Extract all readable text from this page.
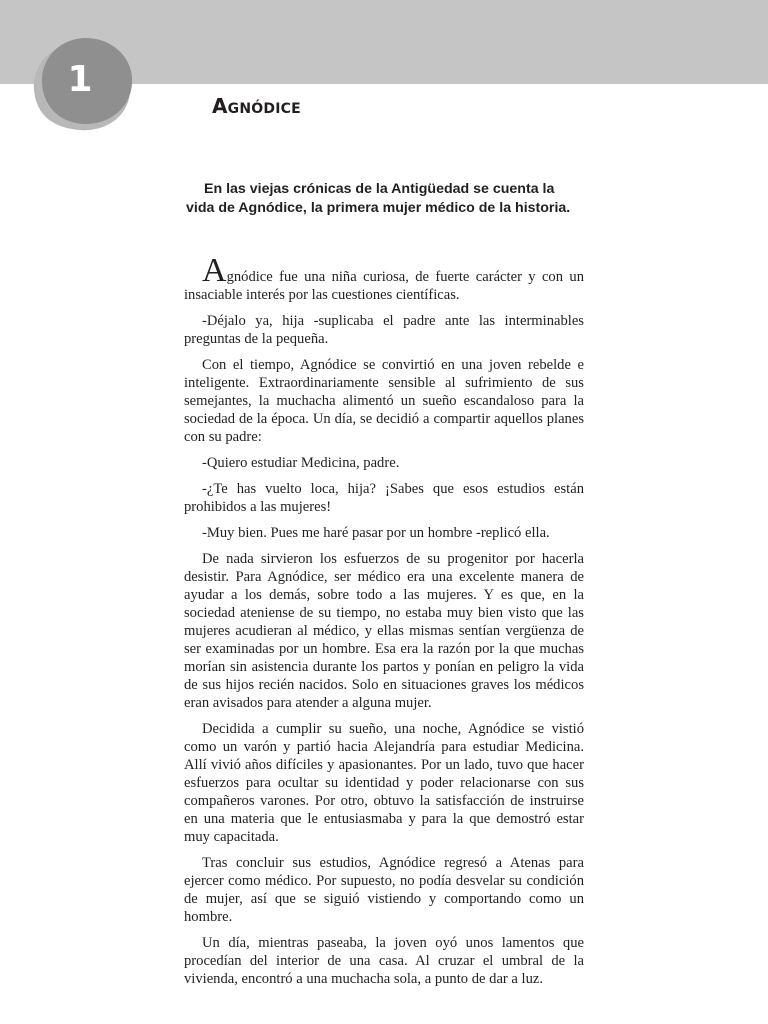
1
Agnódice

En las viejas crónicas de la Antigüedad se cuenta la vida de Agnódice, la primera mujer médico de la historia.

Agnódice fue una niña curiosa, de fuerte carácter y con un insaciable interés por las cuestiones científicas.

-Déjalo ya, hija -suplicaba el padre ante las interminables preguntas de la pequeña.

Con el tiempo, Agnódice se convirtió en una joven rebelde e inteligente. Extraordinariamente sensible al sufrimiento de sus semejantes, la muchacha alimentó un sueño escandaloso para la sociedad de la época. Un día, se decidió a compartir aquellos planes con su padre:

-Quiero estudiar Medicina, padre.

-¿Te has vuelto loca, hija? ¡Sabes que esos estudios están prohibidos a las mujeres!

-Muy bien. Pues me haré pasar por un hombre -replicó ella.

De nada sirvieron los esfuerzos de su progenitor por hacerla desistir. Para Agnódice, ser médico era una excelente manera de ayudar a los demás, sobre todo a las mujeres. Y es que, en la sociedad ateniense de su tiempo, no estaba muy bien visto que las mujeres acudieran al médico, y ellas mismas sentían vergüenza de ser examinadas por un hombre. Esa era la razón por la que muchas morían sin asistencia durante los partos y ponían en peligro la vida de sus hijos recién nacidos. Solo en situaciones graves los médicos eran avisados para atender a alguna mujer.

Decidida a cumplir su sueño, una noche, Agnódice se vistió como un varón y partió hacia Alejandría para estudiar Medicina. Allí vivió años difíciles y apasionantes. Por un lado, tuvo que hacer esfuerzos para ocultar su identidad y poder relacionarse con sus compañeros varones. Por otro, obtuvo la satisfacción de instruirse en una materia que le entusiasmaba y para la que demostró estar muy capacitada.

Tras concluir sus estudios, Agnódice regresó a Atenas para ejercer como médico. Por supuesto, no podía desvelar su condición de mujer, así que se siguió vistiendo y comportando como un hombre.

Un día, mientras paseaba, la joven oyó unos lamentos que procedían del interior de una casa. Al cruzar el umbral de la vivienda, encontró a una muchacha sola, a punto de dar a luz.
